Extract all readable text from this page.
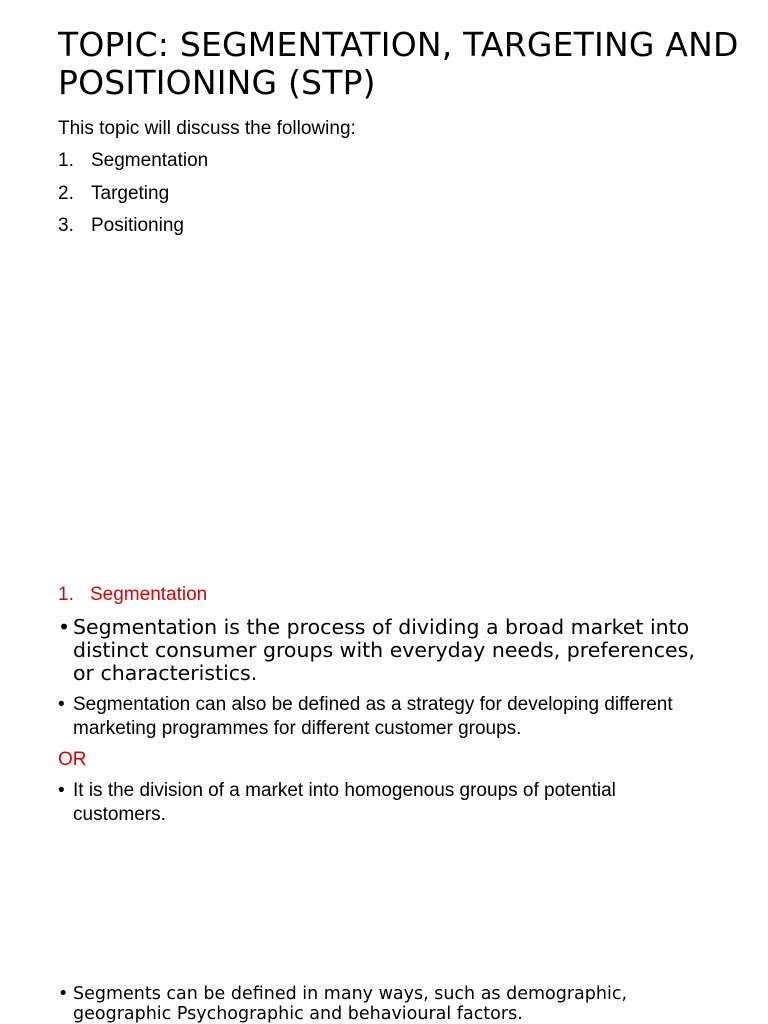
TOPIC: SEGMENTATION, TARGETING AND POSITIONING (STP)

This topic will discuss the following:

1. Segmentation
2. Targeting
3. Positioning
1. Segmentation
• Segmentation is the process of dividing a broad market into distinct consumer groups with everyday needs, preferences, or characteristics.
• Segmentation can also be defined as a strategy for developing different marketing programmes for different customer groups.

OR

• It is the division of a market into homogenous groups of potential customers.
• Segments can be defined in many ways, such as demographic, geographic Psychographic and behavioural factors.
